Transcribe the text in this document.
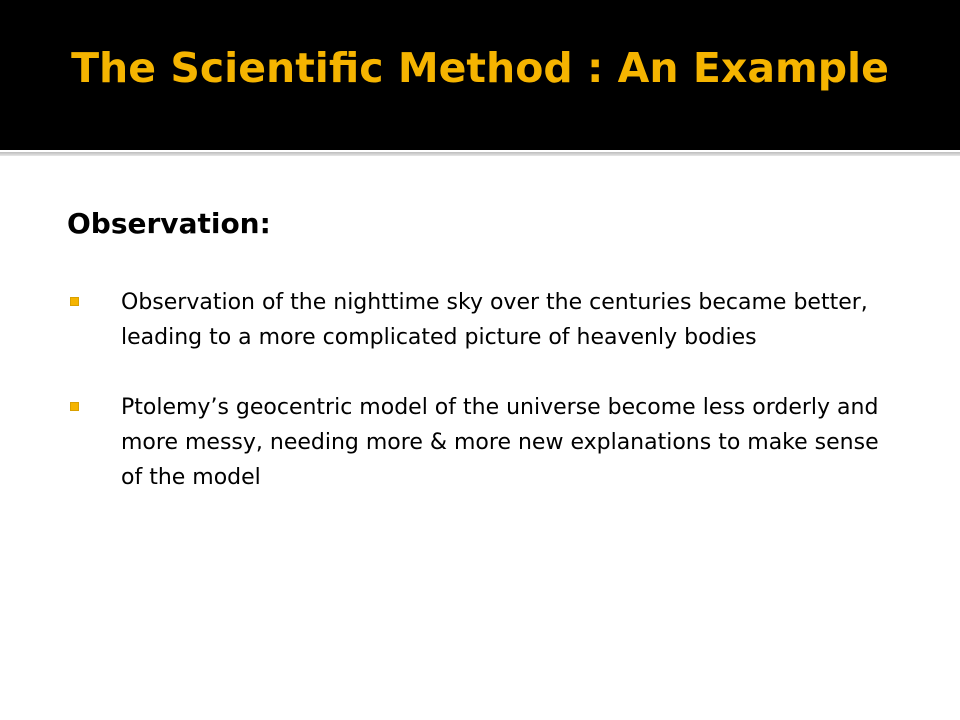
The Scientific Method : An Example
Observation:
Observation of the nighttime sky over the centuries became better, leading to a more complicated picture of heavenly bodies
Ptolemy’s geocentric model of the universe become less orderly and more messy, needing more & more new explanations to make sense of the model
